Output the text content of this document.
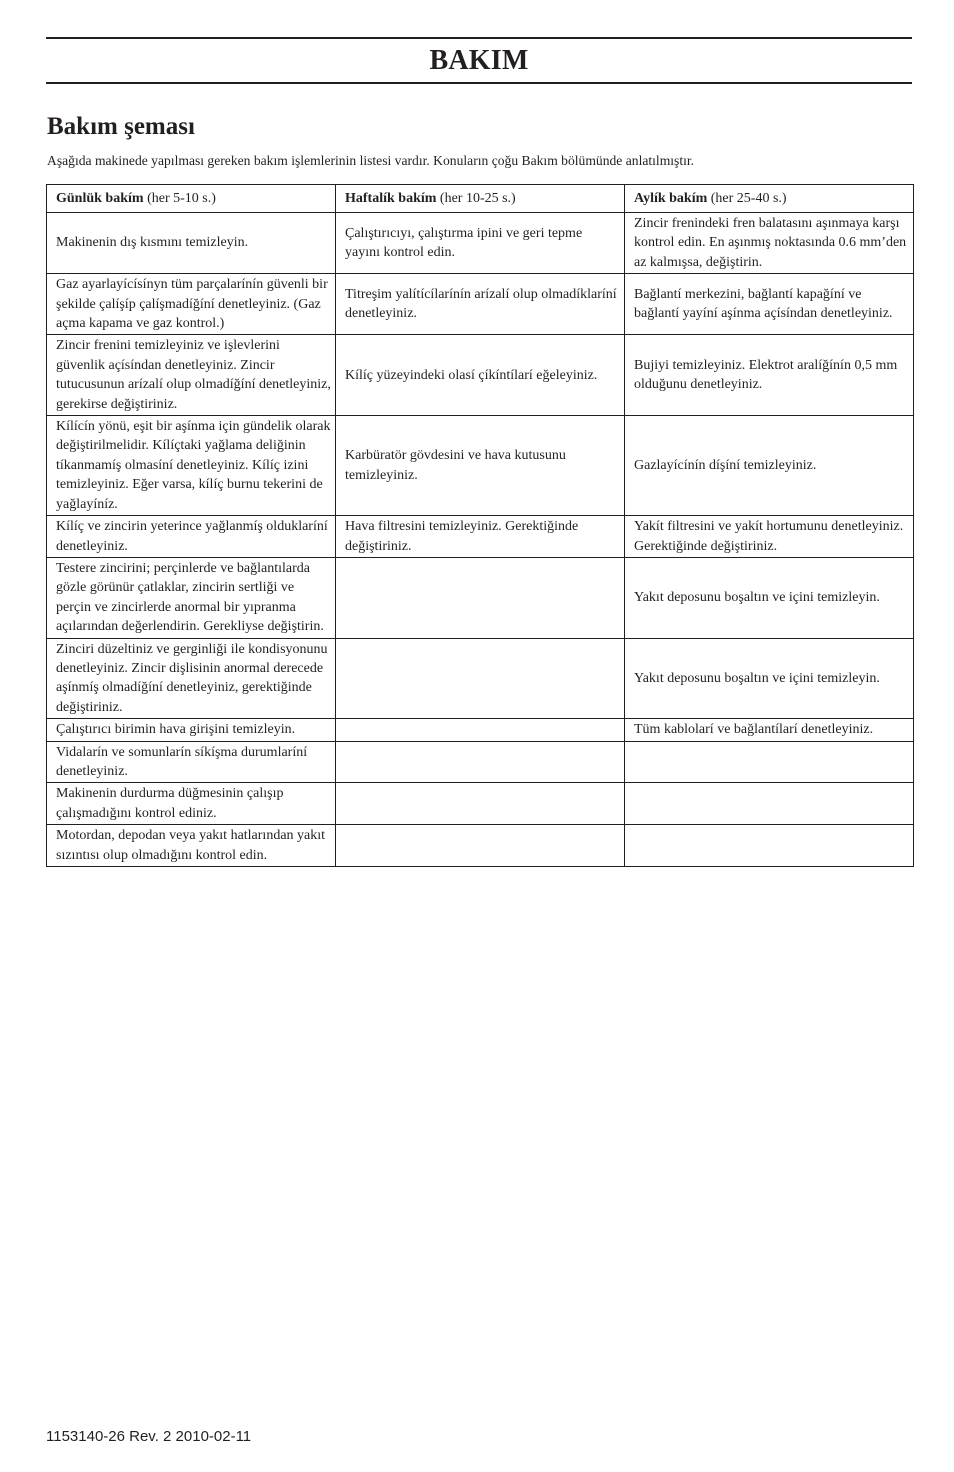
BAKIM
Bakım şeması

Aşağıda makinede yapılması gereken bakım işlemlerinin listesi vardır. Konuların çoğu Bakım bölümünde anlatılmıştır.

Günlük bakím (her 5-10 s.)	Haftalík bakím (her 10-25 s.)	Aylík bakím (her 25-40 s.)
Makinenin dış kısmını temizleyin.	Çalıştırıcıyı, çalıştırma ipini ve geri tepme yayını kontrol edin.	Zincir frenindeki fren balatasını aşınmaya karşı kontrol edin. En aşınmış noktasında 0.6 mm’den az kalmışsa, değiştirin.
Gaz ayarlayícísínyn tüm parçalarínín güvenli bir şekilde çalíşíp çalíşmadíğíní denetleyiniz. (Gaz açma kapama ve gaz kontrol.)	Titreşim yalítícílarínín arízalí olup olmadíklaríní denetleyiniz.	Bağlantí merkezini, bağlantí kapağíní ve bağlantí yayíní aşínma açísíndan denetleyiniz.
Zincir frenini temizleyiniz ve işlevlerini güvenlik açísíndan denetleyiniz. Zincir tutucusunun arízalí olup olmadíğíní denetleyiniz, gerekirse değiştiriniz.	Kílíç yüzeyindeki olasí çíkíntílarí eğeleyiniz.	Bujiyi temizleyiniz. Elektrot aralíğínín 0,5 mm olduğunu denetleyiniz.
Kílícín yönü, eşit bir aşínma için gündelik olarak değiştirilmelidir. Kílíçtaki yağlama deliğinin tíkanmamíş olmasíní denetleyiniz. Kílíç izini temizleyiniz. Eğer varsa, kílíç burnu tekerini de yağlayíníz.	Karbüratör gövdesini ve hava kutusunu temizleyiniz.	Gazlayícínín díşíní temizleyiniz.
Kílíç ve zincirin yeterince yağlanmíş olduklaríní denetleyiniz.	Hava filtresini temizleyiniz. Gerektiğinde değiştiriniz.	Yakít filtresini ve yakít hortumunu denetleyiniz. Gerektiğinde değiştiriniz.
Testere zincirini; perçinlerde ve bağlantılarda gözle görünür çatlaklar, zincirin sertliği ve perçin ve zincirlerde anormal bir yıpranma açılarından değerlendirin. Gerekliyse değiştirin.		Yakıt deposunu boşaltın ve içini temizleyin.
Zinciri düzeltiniz ve gerginliği ile kondisyonunu denetleyiniz. Zincir dişlisinin anormal derecede aşínmíş olmadíğíní denetleyiniz, gerektiğinde değiştiriniz.		Yakıt deposunu boşaltın ve içini temizleyin.
Çalıştırıcı birimin hava girişini temizleyin.		Tüm kablolarí ve bağlantílarí denetleyiniz.
Vidalarín ve somunlarín síkíşma durumlaríní denetleyiniz.		
Makinenin durdurma düğmesinin çalışıp çalışmadığını kontrol ediniz.		
Motordan, depodan veya yakıt hatlarından yakıt sızıntısı olup olmadığını kontrol edin.		
1153140-26 Rev. 2 2010-02-11
